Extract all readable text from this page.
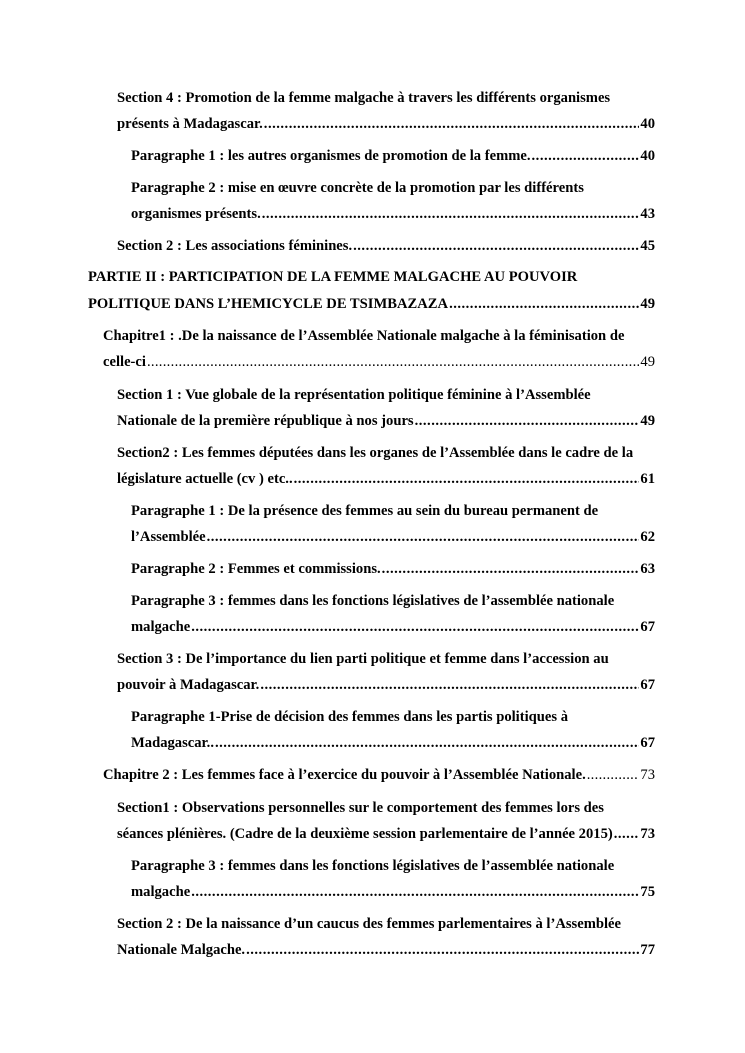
Section 4 : Promotion de la femme malgache à travers les différents organismes
présents à Madagascar. .....	40
Paragraphe 1 : les autres organismes de promotion de la femme. .....	40
Paragraphe 2 : mise en œuvre concrète de la promotion par les différents
organismes présents. .....	43
Section 2 : Les associations féminines. .....	45
PARTIE II : PARTICIPATION DE LA FEMME MALGACHE AU POUVOIR
POLITIQUE DANS L’HEMICYCLE DE TSIMBAZAZA .....	49
Chapitre1 : .De la naissance de l’Assemblée Nationale malgache à la féminisation de
celle-ci .....	49
Section 1 : Vue globale de la représentation politique féminine à l’Assemblée
Nationale de la première république à nos jours .....	49
Section2 : Les femmes députées dans les organes de l’Assemblée dans le cadre de la
législature actuelle (cv ) etc.. .....	61
Paragraphe 1 : De la présence des femmes au sein du bureau permanent de
l’Assemblée .....	62
Paragraphe 2 : Femmes et commissions. .....	63
Paragraphe 3 : femmes dans les fonctions législatives de l’assemblée nationale
malgache .....	67
Section 3 : De l’importance du lien parti politique et femme dans l’accession au
pouvoir à Madagascar. .....	67
Paragraphe 1-Prise de décision des femmes dans les partis politiques à
Madagascar.. .....	67
Chapitre 2 : Les femmes face à l’exercice du pouvoir à l’Assemblée Nationale. .....	73
Section1 : Observations personnelles sur le comportement des femmes lors des
séances plénières. (Cadre de la deuxième session parlementaire de l’année 2015) ..... 73
Paragraphe 3 : femmes dans les fonctions législatives de l’assemblée nationale
malgache .....	75
Section 2 : De la naissance d’un caucus des femmes parlementaires à l’Assemblée
Nationale Malgache. .....	77
